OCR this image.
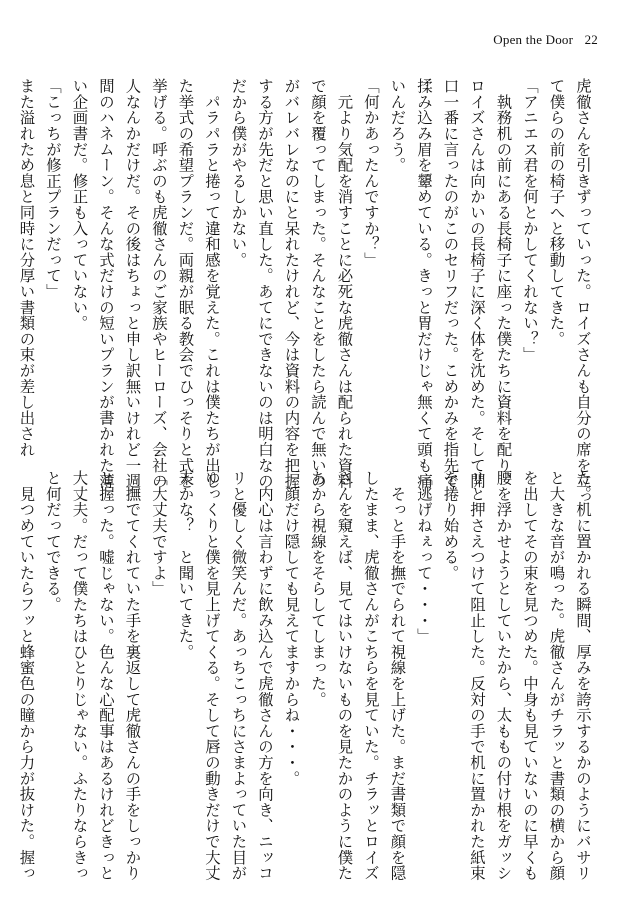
Open the Door 22
虎徹さんを引きずっていった。ロイズさんも自分の席を立っ
て僕らの前の椅子へと移動してきた。
「アニエス君を何とかしてくれない？」
　執務机の前にある長椅子に座った僕たちに資料を配り、
ロイズさんは向かいの長椅子に深く体を沈めた。そして開
口一番に言ったのがこのセリフだった。こめかみを指先で
揉み込み眉を顰めている。きっと胃だけじゃ無くて頭も痛
いんだろう。
「何かあったんですか？」
　元より気配を消すことに必死な虎徹さんは配られた資料
で顔を覆ってしまった。そんなことをしたら読んで無いの
がバレバレなのにと呆れたけれど、今は資料の内容を把握
する方が先だと思い直した。あてにできないのは明白なの
だから僕がやるしかない。
　パラパラと捲って違和感を覚えた。これは僕たちが出し
た挙式の希望プランだ。両親が眠る教会でひっそりと式を
挙げる。呼ぶのも虎徹さんのご家族やヒーローズ、会社の
人なんかだけだ。その後はちょっと申し訳無いけれど一週
間のハネムーン。そんな式だけの短いプランが書かれた薄
い企画書だ。修正も入っていない。
「こっちが修正プランだって」
また溢れため息と同時に分厚い書類の束が差し出され
た。机に置かれる瞬間、厚みを誇示するかのようにバサリ
と大きな音が鳴った。虎徹さんがチラッと書類の横から顔
を出してその束を見つめた。中身も見ていないのに早くも
腰を浮かせようとしていたから、太ももの付け根をガッシ
リと押さえつけて阻止した。反対の手で机に置かれた紙束
を捲り始める。
「逃げねぇって・・・」
　そっと手を撫でられて視線を上げた。まだ書類で顔を隠
したまま、虎徹さんがこちらを見ていた。チラッとロイズ
さんを窺えば、見てはいけないものを見たかのように僕た
ちから視線をそらしてしまった。
　顔だけ隠しても見えてますからね・・・。
　内心は言わずに飲み込んで虎徹さんの方を向き、ニッコ
リと優しく微笑んだ。あっちこっちにさまよっていた目が
ゆっくりと僕を見上げてくる。そして唇の動きだけで大丈
夫かな？　と聞いてきた。
「大丈夫ですよ」
　撫でてくれていた手を裏返して虎徹さんの手をしっかり
と握った。嘘じゃない。色んな心配事はあるけれどきっと
大丈夫。だって僕たちはひとりじゃない。ふたりならきっ
と何だってできる。
　見つめていたらフッと蜂蜜色の瞳から力が抜けた。握っ
